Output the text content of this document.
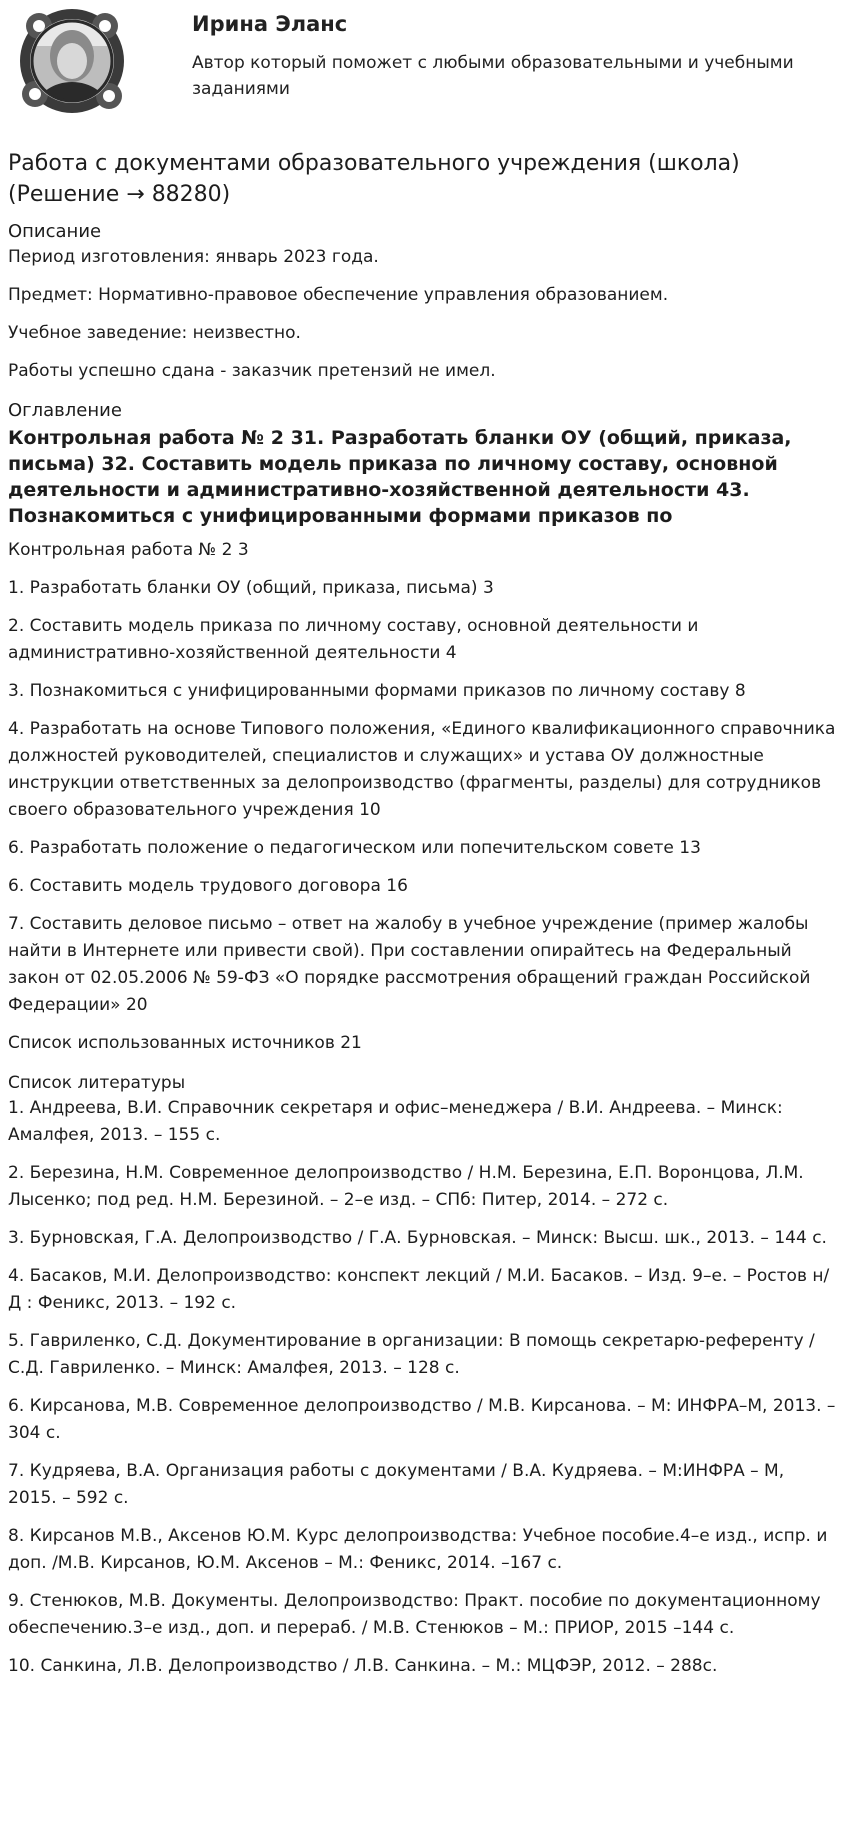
Ирина Эланс

Автор который поможет с любыми образовательными и учебными заданиями

Работа с документами образовательного учреждения (школа) (Решение → 88280)
Описание

Период изготовления: январь 2023 года.

Предмет: Нормативно-правовое обеспечение управления образованием.

Учебное заведение: неизвестно.

Работы успешно сдана - заказчик претензий не имел.

Оглавление
Контрольная работа № 2 31. Разработать бланки ОУ (общий, приказа, письма) 32. Составить модель приказа по личному составу, основной деятельности и административно-хозяйственной деятельности 43. Познакомиться с унифицированными формами приказов по
Контрольная работа № 2 3
1. Разработать бланки ОУ (общий, приказа, письма) 3
2. Составить модель приказа по личному составу, основной деятельности и административно-хозяйственной деятельности 4
3. Познакомиться с унифицированными формами приказов по личному составу 8
4. Разработать на основе Типового положения, «Единого квалификационного справочника должностей руководителей, специалистов и служащих» и устава ОУ должностные инструкции ответственных за делопроизводство (фрагменты, разделы) для сотрудников своего образовательного учреждения 10
6. Разработать положение о педагогическом или попечительском совете 13
6. Составить модель трудового договора 16
7. Составить деловое письмо – ответ на жалобу в учебное учреждение (пример жалобы найти в Интернете или привести свой). При составлении опирайтесь на Федеральный закон от 02.05.2006 № 59-ФЗ «О порядке рассмотрения обращений граждан Российской Федерации» 20
Список использованных источников 21
Список литературы
1. Андреева, В.И. Справочник секретаря и офис–менеджера / В.И. Андреева. – Минск: Амалфея, 2013. – 155 с.
2. Березина, Н.М. Современное делопроизводство / Н.М. Березина, Е.П. Воронцова, Л.М. Лысенко; под ред. Н.М. Березиной. – 2–е изд. – СПб: Питер, 2014. – 272 с.
3. Бурновская, Г.А. Делопроизводство / Г.А. Бурновская. – Минск: Высш. шк., 2013. – 144 с.
4. Басаков, М.И. Делопроизводство: конспект лекций / М.И. Басаков. – Изд. 9–е. – Ростов н/Д : Феникс, 2013. – 192 с.
5. Гавриленко, С.Д. Документирование в организации: В помощь секретарю-референту / С.Д. Гавриленко. – Минск: Амалфея, 2013. – 128 с.
6. Кирсанова, М.В. Современное делопроизводство / М.В. Кирсанова. – М: ИНФРА–М, 2013. – 304 с.
7. Кудряева, В.А. Организация работы с документами / В.А. Кудряева. – М:ИНФРА – М, 2015. – 592 с.
8. Кирсанов М.В., Аксенов Ю.М. Курс делопроизводства: Учебное пособие.4–е изд., испр. и доп. /М.В. Кирсанов, Ю.М. Аксенов – М.: Феникс, 2014. –167 с.
9. Стенюков, М.В. Документы. Делопроизводство: Практ. пособие по документационному обеспечению.3–е изд., доп. и перераб. / М.В. Стенюков – М.: ПРИОР, 2015 –144 с.
10. Санкина, Л.В. Делопроизводство / Л.В. Санкина. – М.: МЦФЭР, 2012. – 288с.
